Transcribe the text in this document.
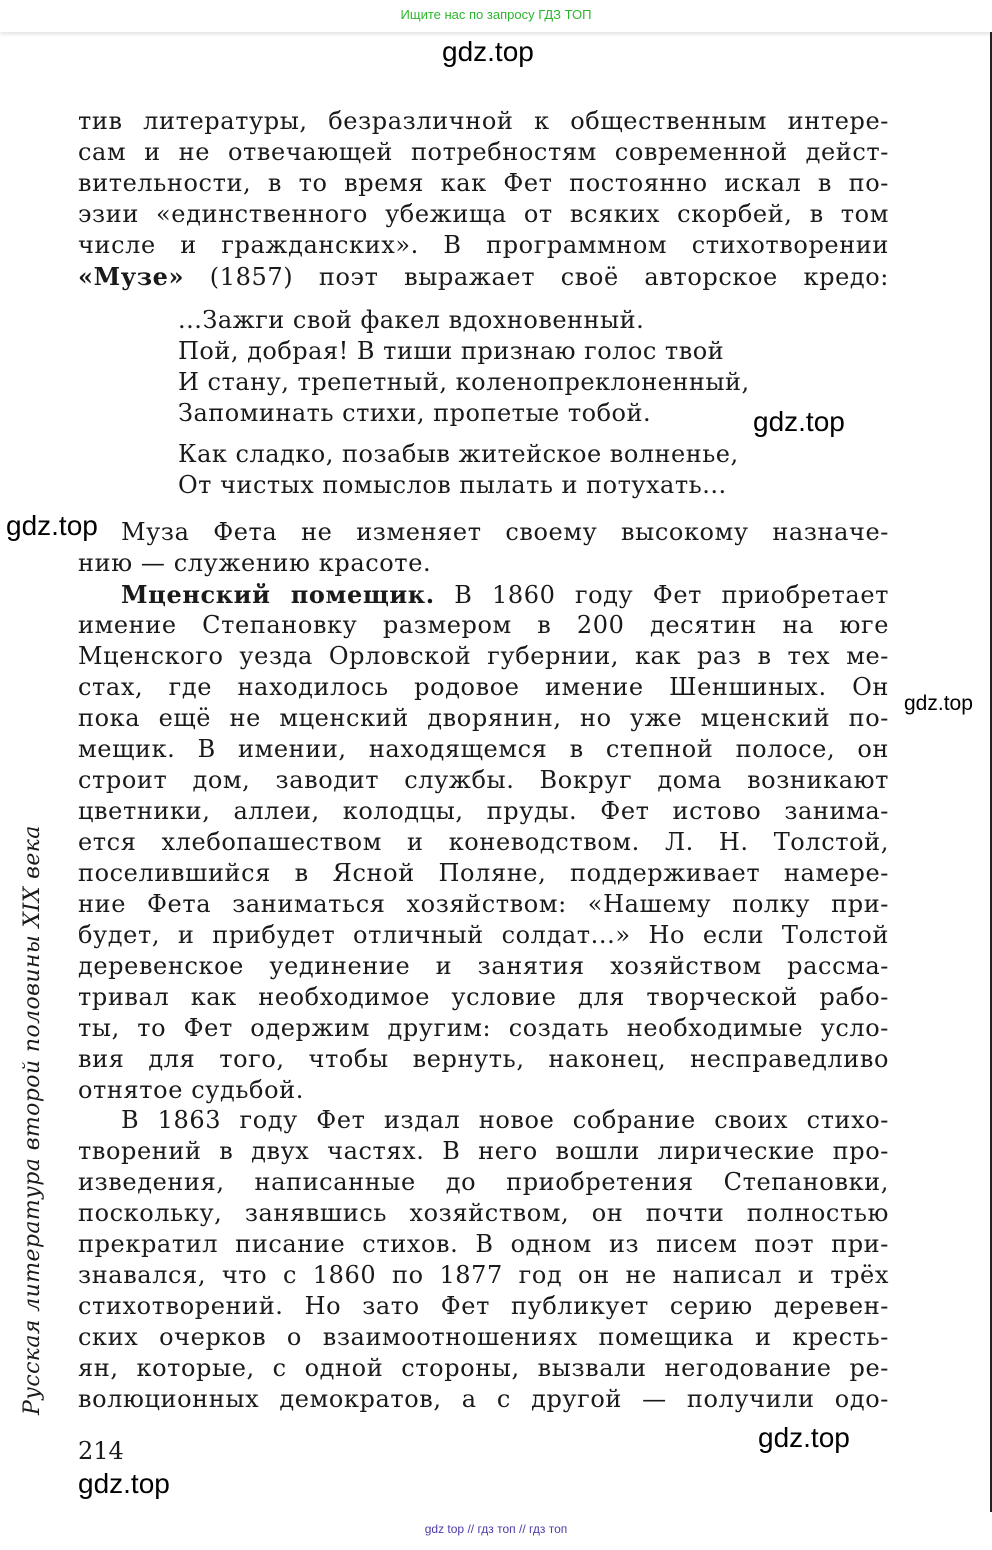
Ищите нас по запросу ГДЗ ТОП
gdz.top
тив литературы, безразличной к общественным интере-
сам и не отвечающей потребностям современной дейст-
вительности, в то время как Фет постоянно искал в по-
эзии «единственного убежища от всяких скорбей, в том
числе и гражданских». В программном стихотворении
«Музе» (1857) поэт выражает своё авторское кредо:
...Зажги свой факел вдохновенный.
Пой, добрая! В тиши признаю голос твой
И стану, трепетный, коленопреклоненный,
Запоминать стихи, пропетые тобой.	gdz.top
Как сладко, позабыв житейское волненье,
От чистых помыслов пылать и потухать...
gdz.top Муза Фета не изменяет своему высокому назначе-
нию — служению красоте.
Мценский помещик. В 1860 году Фет приобретает
имение Степановку размером в 200 десятин на юге
Мценского уезда Орловской губернии, как раз в тех ме-
стах, где находилось родовое имение Шеншиных. Он
пока ещё не мценский дворянин, но уже мценский по-
мещик. В имении, находящемся в степной полосе, он
строит дом, заводит службы. Вокруг дома возникают
цветники, аллеи, колодцы, пруды. Фет истово занима-
ется хлебопашеством и коневодством. Л. Н. Толстой,
поселившийся в Ясной Поляне, поддерживает намере-
ние Фета заниматься хозяйством: «Нашему полку при-
будет, и прибудет отличный солдат...» Но если Толстой
деревенское уединение и занятия хозяйством рассма-
тривал как необходимое условие для творческой рабо-
ты, то Фет одержим другим: создать необходимые усло-
вия для того, чтобы вернуть, наконец, несправедливо
отнятое судьбой.
gdz.top
В 1863 году Фет издал новое собрание своих стихо-
творений в двух частях. В него вошли лирические про-
изведения, написанные до приобретения Степановки,
поскольку, занявшись хозяйством, он почти полностью
прекратил писание стихов. В одном из писем поэт при-
знавался, что с 1860 по 1877 год он не написал и трёх
стихотворений. Но зато Фет публикует серию деревен-
ских очерков о взаимоотношениях помещика и кресть-
ян, которые, с одной стороны, вызвали негодование ре-
волюционных демократов, а с другой — получили одо-
Русская литература второй половины XIX века
214	gdz.top
gdz.top
gdz top // гдз топ // гдз топ
